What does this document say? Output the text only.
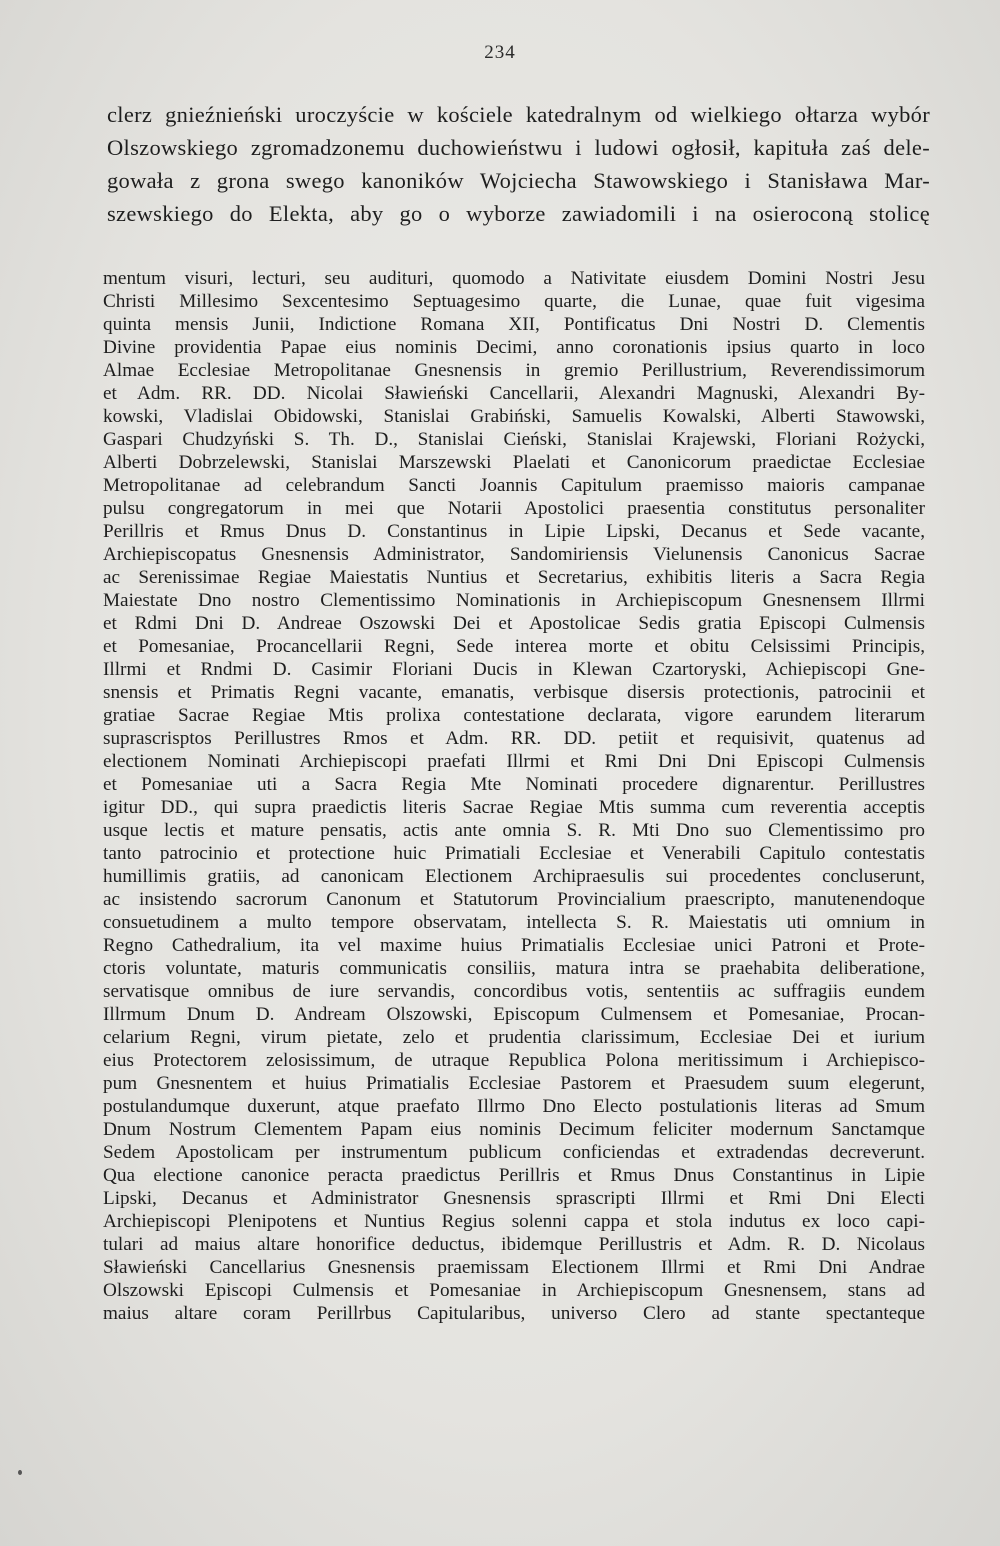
234
clerz gnieźnieński uroczyście w kościele katedralnym od wielkiego ołtarza wybór
Olszowskiego zgromadzonemu duchowieństwu i ludowi ogłosił, kapituła zaś dele-
gowała z grona swego kanoników Wojciecha Stawowskiego i Stanisława Mar-
szewskiego do Elekta, aby go o wyborze zawiadomili i na osieroconą stolicę
mentum visuri, lecturi, seu audituri, quomodo a Nativitate eiusdem Domini Nostri Jesu
Christi Millesimo Sexcentesimo Septuagesimo quarte, die Lunae, quae fuit vigesima
quinta mensis Junii, Indictione Romana XII, Pontificatus Dni Nostri D. Clementis
Divine providentia Papae eius nominis Decimi, anno coronationis ipsius quarto in loco
Almae Ecclesiae Metropolitanae Gnesnensis in gremio Perillustrium, Reverendissimorum
et Adm. RR. DD. Nicolai Sławieński Cancellarii, Alexandri Magnuski, Alexandri By-
kowski, Vladislai Obidowski, Stanislai Grabiński, Samuelis Kowalski, Alberti Stawowski,
Gaspari Chudzyński S. Th. D., Stanislai Cieński, Stanislai Krajewski, Floriani Rożycki,
Alberti Dobrzelewski, Stanislai Marszewski Plaelati et Canonicorum praedictae Ecclesiae
Metropolitanae ad celebrandum Sancti Joannis Capitulum praemisso maioris campanae
pulsu congregatorum in mei que Notarii Apostolici praesentia constitutus personaliter
Perillris et Rmus Dnus D. Constantinus in Lipie Lipski, Decanus et Sede vacante,
Archiepiscopatus Gnesnensis Administrator, Sandomiriensis Vielunensis Canonicus Sacrae
ac Serenissimae Regiae Maiestatis Nuntius et Secretarius, exhibitis literis a Sacra Regia
Maiestate Dno nostro Clementissimo Nominationis in Archiepiscopum Gnesnensem Illrmi
et Rdmi Dni D. Andreae Oszowski Dei et Apostolicae Sedis gratia Episcopi Culmensis
et Pomesaniae, Procancellarii Regni, Sede interea morte et obitu Celsissimi Principis,
Illrmi et Rndmi D. Casimir Floriani Ducis in Klewan Czartoryski, Achiepiscopi Gne-
snensis et Primatis Regni vacante, emanatis, verbisque disersis protectionis, patrocinii et
gratiae Sacrae Regiae Mtis prolixa contestatione declarata, vigore earundem literarum
suprascrisptos Perillustres Rmos et Adm. RR. DD. petiit et requisivit, quatenus ad
electionem Nominati Archiepiscopi praefati Illrmi et Rmi Dni Dni Episcopi Culmensis
et Pomesaniae uti a Sacra Regia Mte Nominati procedere dignarentur. Perillustres
igitur DD., qui supra praedictis literis Sacrae Regiae Mtis summa cum reverentia acceptis
usque lectis et mature pensatis, actis ante omnia S. R. Mti Dno suo Clementissimo pro
tanto patrocinio et protectione huic Primatiali Ecclesiae et Venerabili Capitulo contestatis
humillimis gratiis, ad canonicam Electionem Archipraesulis sui procedentes concluserunt,
ac insistendo sacrorum Canonum et Statutorum Provincialium praescripto, manutenendoque
consuetudinem a multo tempore observatam, intellecta S. R. Maiestatis uti omnium in
Regno Cathedralium, ita vel maxime huius Primatialis Ecclesiae unici Patroni et Prote-
ctoris voluntate, maturis communicatis consiliis, matura intra se praehabita deliberatione,
servatisque omnibus de iure servandis, concordibus votis, sententiis ac suffragiis eundem
Illrmum Dnum D. Andream Olszowski, Episcopum Culmensem et Pomesaniae, Procan-
celarium Regni, virum pietate, zelo et prudentia clarissimum, Ecclesiae Dei et iurium
eius Protectorem zelosissimum, de utraque Republica Polona meritissimum i Archiepisco-
pum Gnesnentem et huius Primatialis Ecclesiae Pastorem et Praesudem suum elegerunt,
postulandumque duxerunt, atque praefato Illrmo Dno Electo postulationis literas ad Smum
Dnum Nostrum Clementem Papam eius nominis Decimum feliciter modernum Sanctamque
Sedem Apostolicam per instrumentum publicum conficiendas et extradendas decreverunt.
Qua electione canonice peracta praedictus Perillris et Rmus Dnus Constantinus in Lipie
Lipski, Decanus et Administrator Gnesnensis sprascripti Illrmi et Rmi Dni Electi
Archiepiscopi Plenipotens et Nuntius Regius solenni cappa et stola indutus ex loco capi-
tulari ad maius altare honorifice deductus, ibidemque Perillustris et Adm. R. D. Nicolaus
Sławieński Cancellarius Gnesnensis praemissam Electionem Illrmi et Rmi Dni Andrae
Olszowski Episcopi Culmensis et Pomesaniae in Archiepiscopum Gnesnensem, stans ad
maius altare coram Perillrbus Capitularibus, universo Clero ad stante spectanteque
